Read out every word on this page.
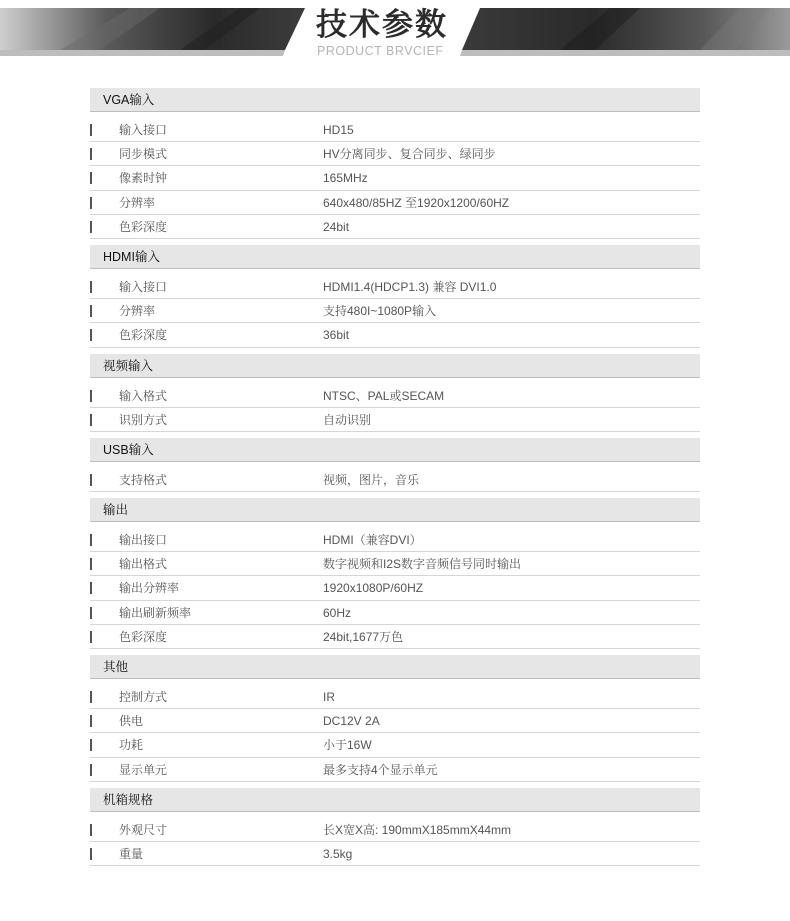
技术参数
PRODUCT BRVCIEF
VGA输入
输入接口	HD15
同步模式	HV分离同步、复合同步、绿同步
像素时钟	165MHz
分辨率	640x480/85HZ 至1920x1200/60HZ
色彩深度	24bit
HDMI输入
输入接口	HDMI1.4(HDCP1.3) 兼容 DVI1.0
分辨率	支持480I~1080P输入
色彩深度	36bit
视频输入
输入格式	NTSC、PAL或SECAM
识别方式	自动识别
USB输入
支持格式	视频，图片，音乐
输出
输出接口	HDMI（兼容DVI）
输出格式	数字视频和I2S数字音频信号同时输出
输出分辨率	1920x1080P/60HZ
输出刷新频率	60Hz
色彩深度	24bit,1677万色
其他
控制方式	IR
供电	DC12V 2A
功耗	小于16W
显示单元	最多支持4个显示单元
机箱规格
外观尺寸	长X宽X高: 190mmX185mmX44mm
重量	3.5kg
